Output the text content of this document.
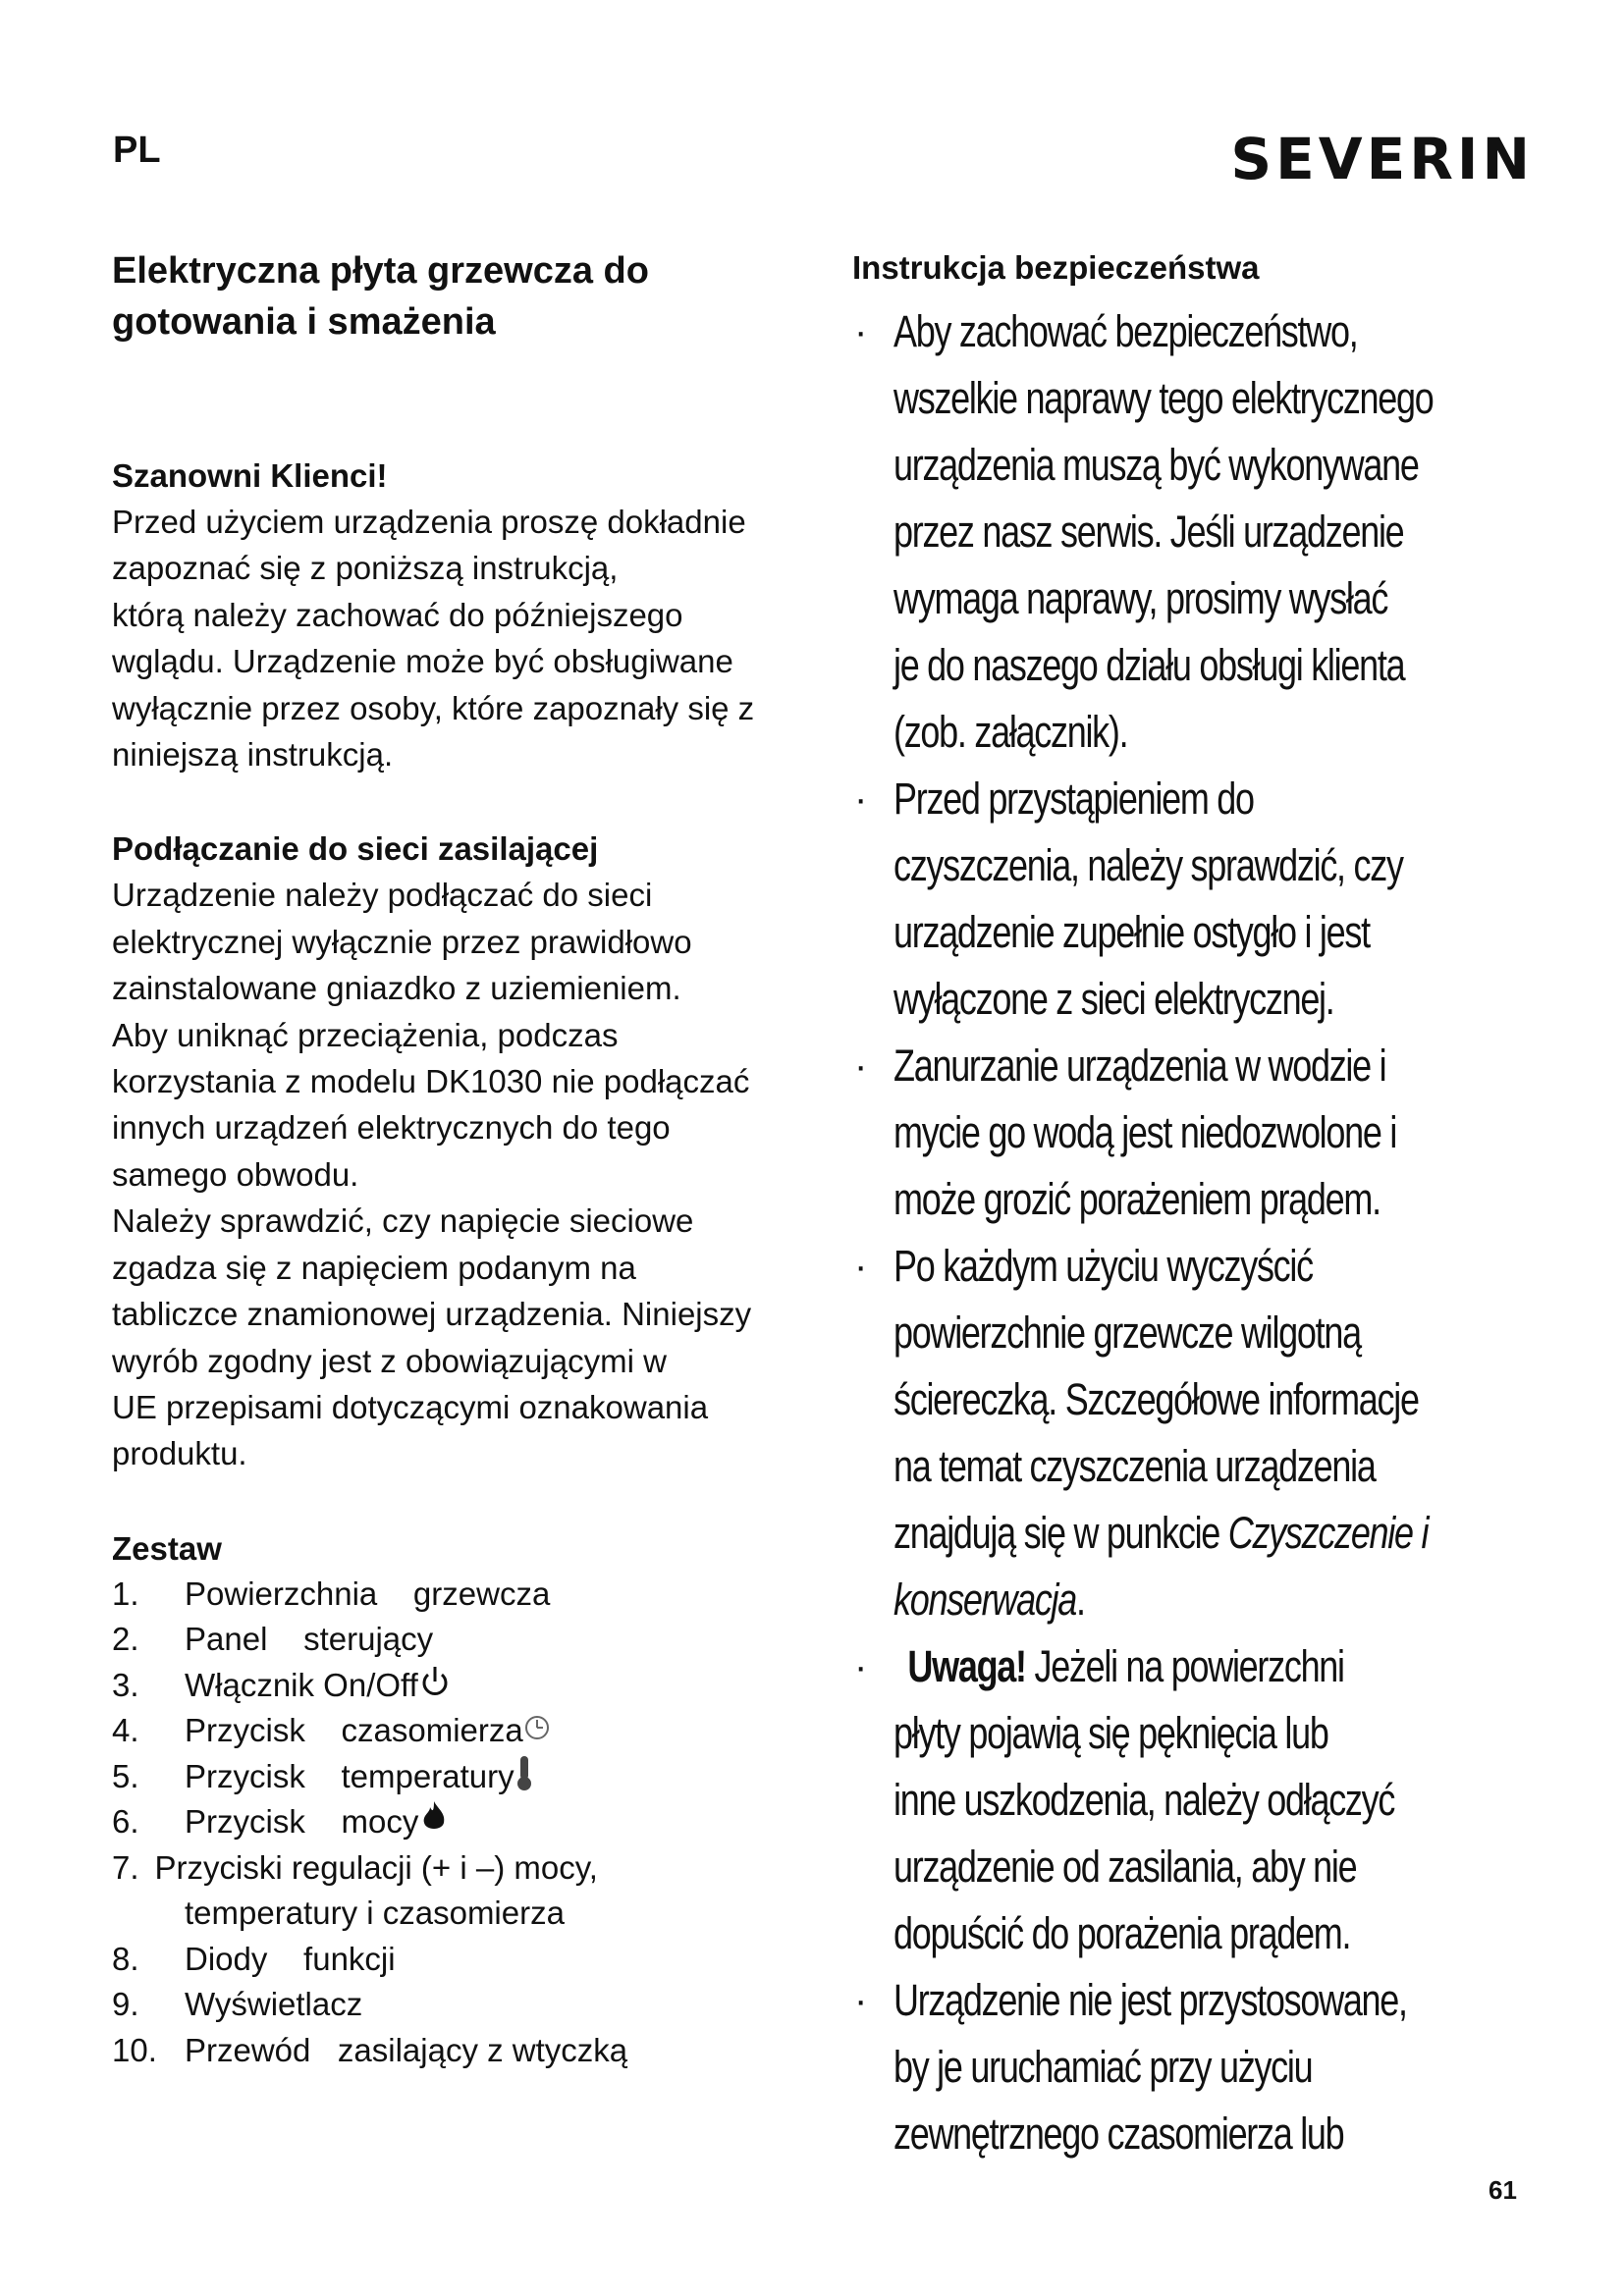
PL	SEVERIN
Elektryczna płyta grzewcza do
gotowania i smażenia
Szanowni Klienci!
Przed użyciem urządzenia proszę dokładnie
zapoznać się z poniższą instrukcją,
którą należy zachować do późniejszego
wglądu. Urządzenie może być obsługiwane
wyłącznie przez osoby, które zapoznały się z
niniejszą instrukcją.
Podłączanie do sieci zasilającej
Urządzenie należy podłączać do sieci
elektrycznej wyłącznie przez prawidłowo
zainstalowane gniazdko z uziemieniem.
Aby uniknąć przeciążenia, podczas
korzystania z modelu DK1030 nie podłączać
innych urządzeń elektrycznych do tego
samego obwodu.
Należy sprawdzić, czy napięcie sieciowe
zgadza się z napięciem podanym na
tabliczce znamionowej urządzenia. Niniejszy
wyrób zgodny jest z obowiązującymi w
UE przepisami dotyczącymi oznakowania
produktu.
Zestaw
1.	Powierzchnia    grzewcza
2.	Panel    sterujący
3.	Włącznik On/Off
4.	Przycisk    czasomierza
5.	Przycisk    temperatury
6.	Przycisk    mocy
7. Przyciski regulacji (+ i –) mocy,
temperatury i czasomierza
8.	Diody    funkcji
9.	Wyświetlacz
10. Przewód   zasilający z wtyczką
Instrukcja bezpieczeństwa
· Aby zachować bezpieczeństwo,
wszelkie naprawy tego elektrycznego
urządzenia muszą być wykonywane
przez nasz serwis. Jeśli urządzenie
wymaga naprawy, prosimy wysłać
je do naszego działu obsługi klienta
(zob. załącznik).
· Przed przystąpieniem do
czyszczenia, należy sprawdzić, czy
urządzenie zupełnie ostygło i jest
wyłączone z sieci elektrycznej.
· Zanurzanie urządzenia w wodzie i
mycie go wodą jest niedozwolone i
może grozić porażeniem prądem.
· Po każdym użyciu wyczyścić
powierzchnie grzewcze wilgotną
ściereczką. Szczegółowe informacje
na temat czyszczenia urządzenia
znajdują się w punkcie Czyszczenie i
konserwacja.
· Uwaga! Jeżeli na powierzchni
płyty pojawią się pęknięcia lub
inne uszkodzenia, należy odłączyć
urządzenie od zasilania, aby nie
dopuścić do porażenia prądem.
· Urządzenie nie jest przystosowane,
by je uruchamiać przy użyciu
zewnętrznego czasomierza lub
61
